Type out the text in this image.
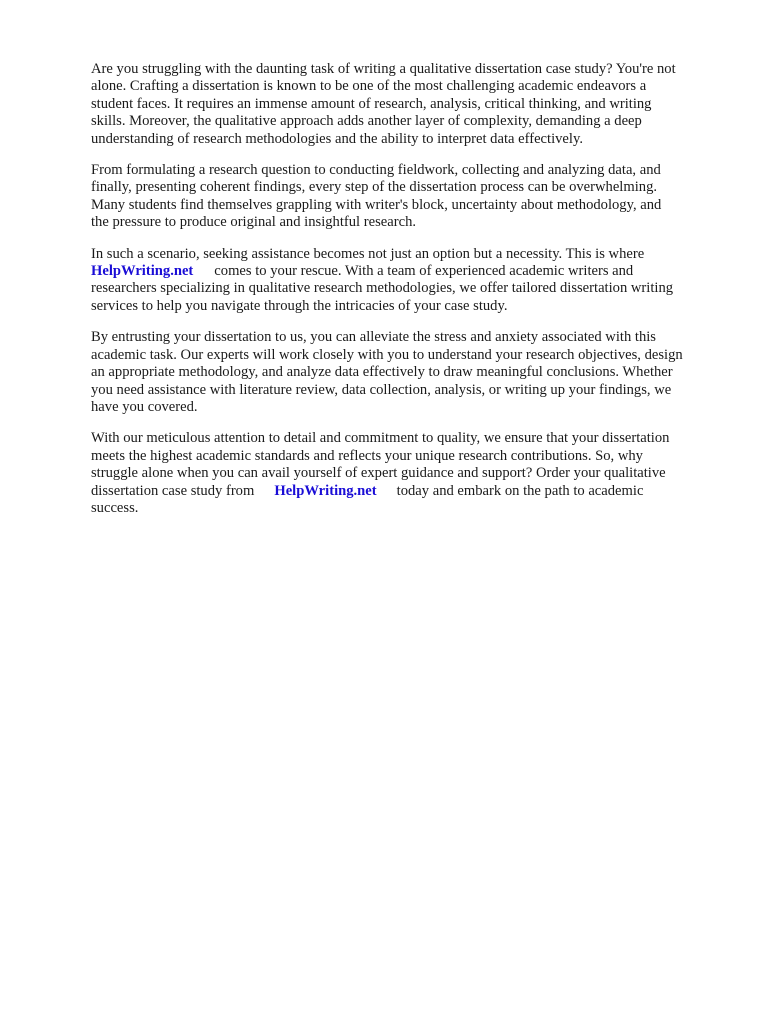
Are you struggling with the daunting task of writing a qualitative dissertation case study? You're not
alone. Crafting a dissertation is known to be one of the most challenging academic endeavors a
student faces. It requires an immense amount of research, analysis, critical thinking, and writing
skills. Moreover, the qualitative approach adds another layer of complexity, demanding a deep
understanding of research methodologies and the ability to interpret data effectively.

From formulating a research question to conducting fieldwork, collecting and analyzing data, and
finally, presenting coherent findings, every step of the dissertation process can be overwhelming.
Many students find themselves grappling with writer's block, uncertainty about methodology, and
the pressure to produce original and insightful research.

In such a scenario, seeking assistance becomes not just an option but a necessity. This is where
HelpWriting.net comes to your rescue. With a team of experienced academic writers and
researchers specializing in qualitative research methodologies, we offer tailored dissertation writing
services to help you navigate through the intricacies of your case study.

By entrusting your dissertation to us, you can alleviate the stress and anxiety associated with this
academic task. Our experts will work closely with you to understand your research objectives, design
an appropriate methodology, and analyze data effectively to draw meaningful conclusions. Whether
you need assistance with literature review, data collection, analysis, or writing up your findings, we
have you covered.

With our meticulous attention to detail and commitment to quality, we ensure that your dissertation
meets the highest academic standards and reflects your unique research contributions. So, why
struggle alone when you can avail yourself of expert guidance and support? Order your qualitative
dissertation case study from HelpWriting.net today and embark on the path to academic
success.
